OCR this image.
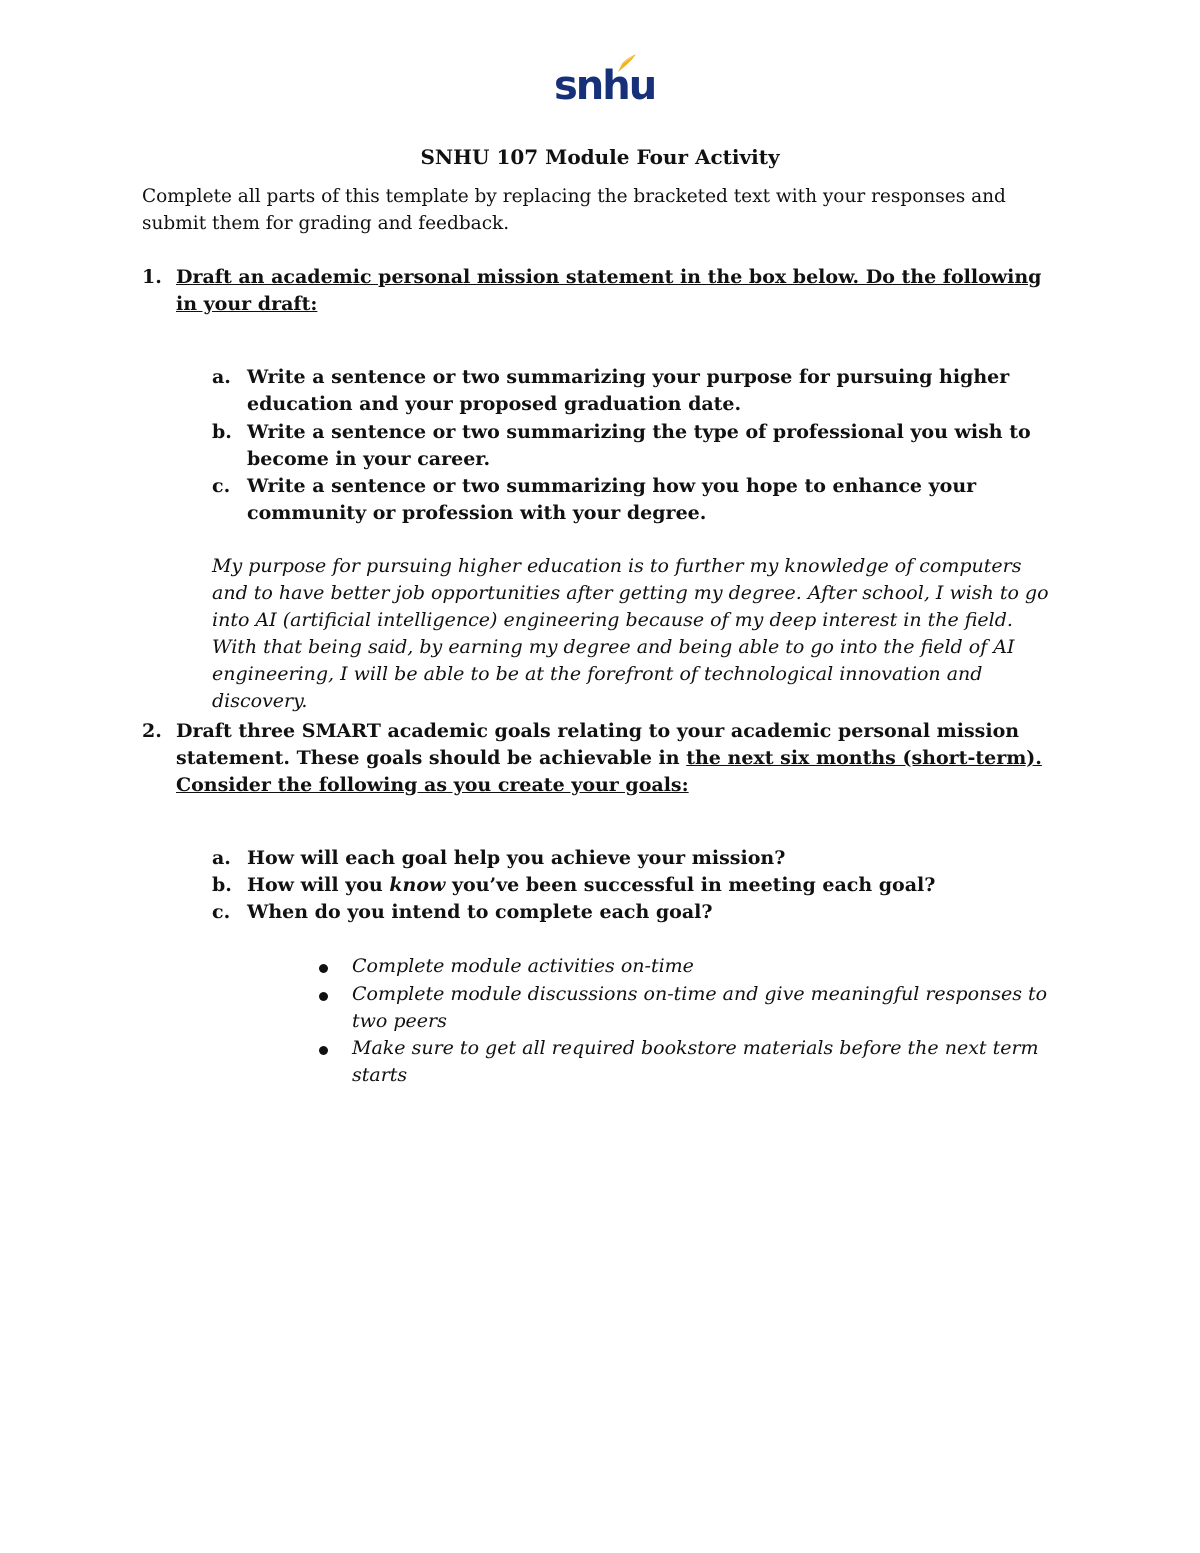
snhu
SNHU 107 Module Four Activity
Complete all parts of this template by replacing the bracketed text with your responses and submit them for grading and feedback.
1. Draft an academic personal mission statement in the box below. Do the following in your draft:
a. Write a sentence or two summarizing your purpose for pursuing higher education and your proposed graduation date.
b. Write a sentence or two summarizing the type of professional you wish to become in your career.
c. Write a sentence or two summarizing how you hope to enhance your community or profession with your degree.
My purpose for pursuing higher education is to further my knowledge of computers and to have better job opportunities after getting my degree. After school, I wish to go into AI (artificial intelligence) engineering because of my deep interest in the field. With that being said, by earning my degree and being able to go into the field of AI engineering, I will be able to be at the forefront of technological innovation and discovery.
2. Draft three SMART academic goals relating to your academic personal mission statement. These goals should be achievable in the next six months (short-term). Consider the following as you create your goals:
a. How will each goal help you achieve your mission?
b. How will you know you’ve been successful in meeting each goal?
c. When do you intend to complete each goal?
Complete module activities on-time
Complete module discussions on-time and give meaningful responses to two peers
Make sure to get all required bookstore materials before the next term starts
